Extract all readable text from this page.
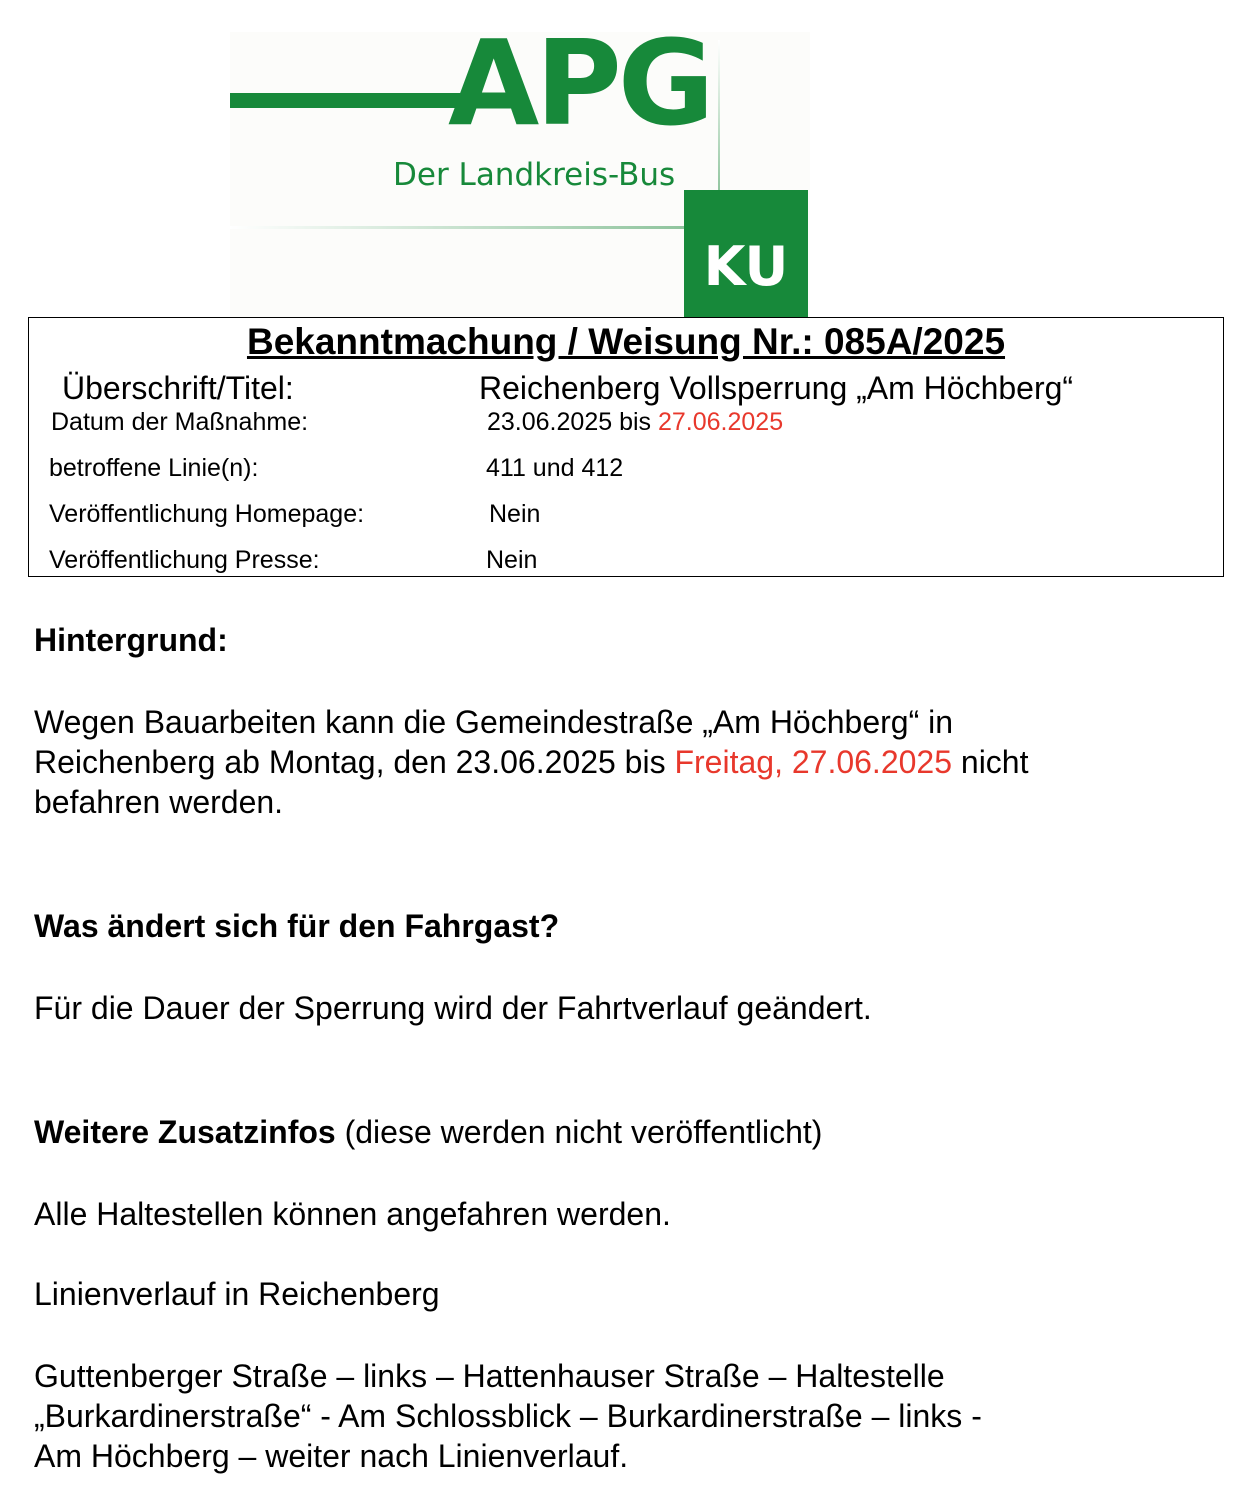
APG
Der Landkreis-Bus
KU
Bekanntmachung / Weisung Nr.: 085A/2025
Überschrift/Titel:	Reichenberg Vollsperrung „Am Höchberg“
Datum der Maßnahme:	23.06.2025 bis 27.06.2025
betroffene Linie(n):	411 und 412
Veröffentlichung Homepage:	Nein
Veröffentlichung Presse:	Nein
Hintergrund:
Wegen Bauarbeiten kann die Gemeindestraße „Am Höchberg“ in
Reichenberg ab Montag, den 23.06.2025 bis Freitag, 27.06.2025 nicht
befahren werden.
Was ändert sich für den Fahrgast?
Für die Dauer der Sperrung wird der Fahrtverlauf geändert.
Weitere Zusatzinfos (diese werden nicht veröffentlicht)
Alle Haltestellen können angefahren werden.
Linienverlauf in Reichenberg
Guttenberger Straße – links – Hattenhauser Straße – Haltestelle
„Burkardinerstraße“ - Am Schlossblick – Burkardinerstraße – links -
Am Höchberg – weiter nach Linienverlauf.
